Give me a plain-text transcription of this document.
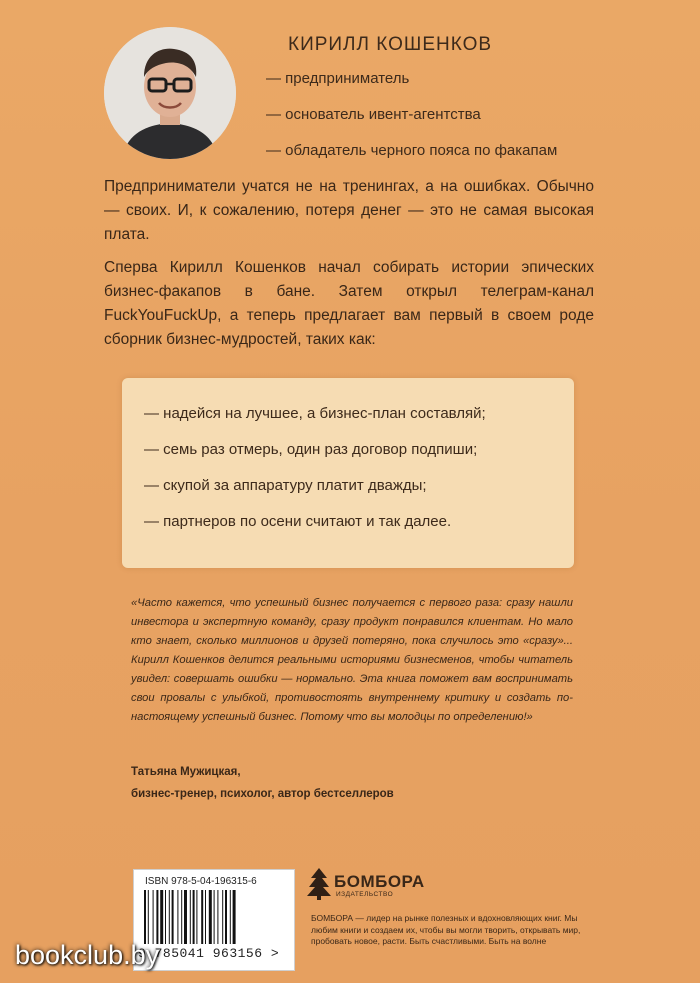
КИРИЛЛ КОШЕНКОВ
— предприниматель
— основатель ивент-агентства
— обладатель черного пояса по факапам

Предприниматели учатся не на тренингах, а на ошибках. Обычно — своих. И, к сожалению, потеря денег — это не самая высокая плата.

Сперва Кирилл Кошенков начал собирать истории эпических бизнес-факапов в бане. Затем открыл телеграм-канал FuckYouFuckUp, а теперь предлагает вам первый в своем роде сборник бизнес-мудростей, таких как:

— надейся на лучшее, а бизнес-план составляй;
— семь раз отмерь, один раз договор подпиши;
— скупой за аппаратуру платит дважды;
— партнеров по осени считают и так далее.

«Часто кажется, что успешный бизнес получается с первого раза: сразу нашли инвестора и экспертную команду, сразу продукт понравился клиентам. Но мало кто знает, сколько миллионов и друзей потеряно, пока случилось это «сразу»... Кирилл Кошенков делится реальными историями бизнесменов, чтобы читатель увидел: совершать ошибки — нормально. Эта книга поможет вам воспринимать свои провалы с улыбкой, противостоять внутреннему критику и создать по-настоящему успешный бизнес. Потому что вы молодцы по определению!»

Татьяна Мужицкая,
бизнес-тренер, психолог, автор бестселлеров
ISBN 978-5-04-196315-6
9 785041 963156 >
БОМБОРА
ИЗДАТЕЛЬСТВО

БОМБОРА — лидер на рынке полезных и вдохновляющих книг. Мы любим книги и создаем их, чтобы вы могли творить, открывать мир, пробовать новое, расти. Быть счастливыми. Быть на волне

bookclub.by
